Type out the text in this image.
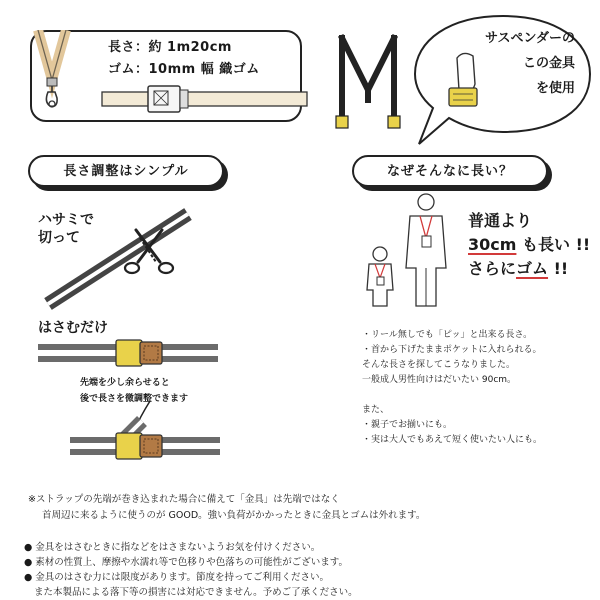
長さ：約 1m20cm
ゴム：10mm 幅 織ゴム
サスペンダーの
この金具
を使用
長さ調整はシンプル
ハサミで
切って
はさむだけ
先端を少し余らせると
後で長さを微調整できます
なぜそんなに長い？
普通より
30cm も長い !!
さらにゴム !!
・リール無しでも「ピッ」と出来る長さ。
・首から下げたままポケットに入れられる。
そんな長さを探してこうなりました。
一般成人男性向けはだいたい 90cm。
また、
・親子でお揃いにも。
・実は大人でもあえて短く使いたい人にも。
※ストラップの先端が巻き込まれた場合に備えて「金具」は先端ではなく
首周辺に来るように使うのが GOOD。強い負荷がかかったときに金具とゴムは外れます。
● 金具をはさむときに指などをはさまないようお気を付けください。
● 素材の性質上、摩擦や水濡れ等で色移りや色落ちの可能性がございます。
● 金具のはさむ力には限度があります。節度を持ってご利用ください。
また本製品による落下等の損害には対応できません。予めご了承ください。
